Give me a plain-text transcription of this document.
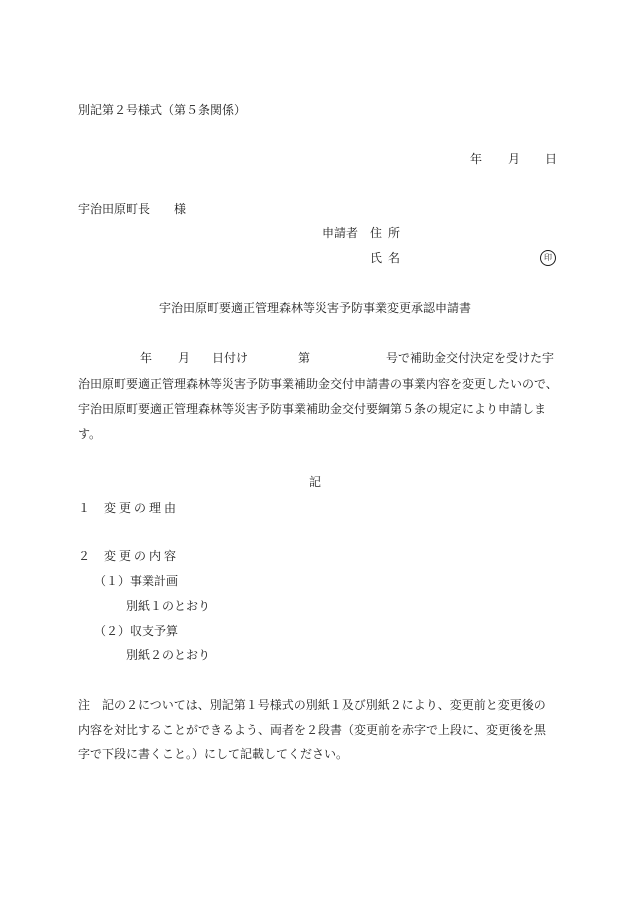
別記第２号様式（第５条関係）
年 月 日
宇治田原町長 様
申請者 住所
氏名	印
宇治田原町要適正管理森林等災害予防事業変更承認申請書
年 月 日付け	第	号で補助金交付決定を受けた宇
治田原町要適正管理森林等災害予防事業補助金交付申請書の事業内容を変更したいので、
宇治田原町要適正管理森林等災害予防事業補助金交付要綱第５条の規定により申請しま
す。
記
１ 変更の理由
２ 変更の内容
（１）事業計画
別紙１のとおり
（２）収支予算
別紙２のとおり
注　記の２については、別記第１号様式の別紙１及び別紙２により、変更前と変更後の
内容を対比することができるよう、両者を２段書（変更前を赤字で上段に、変更後を黒
字で下段に書くこと。）にして記載してください。
